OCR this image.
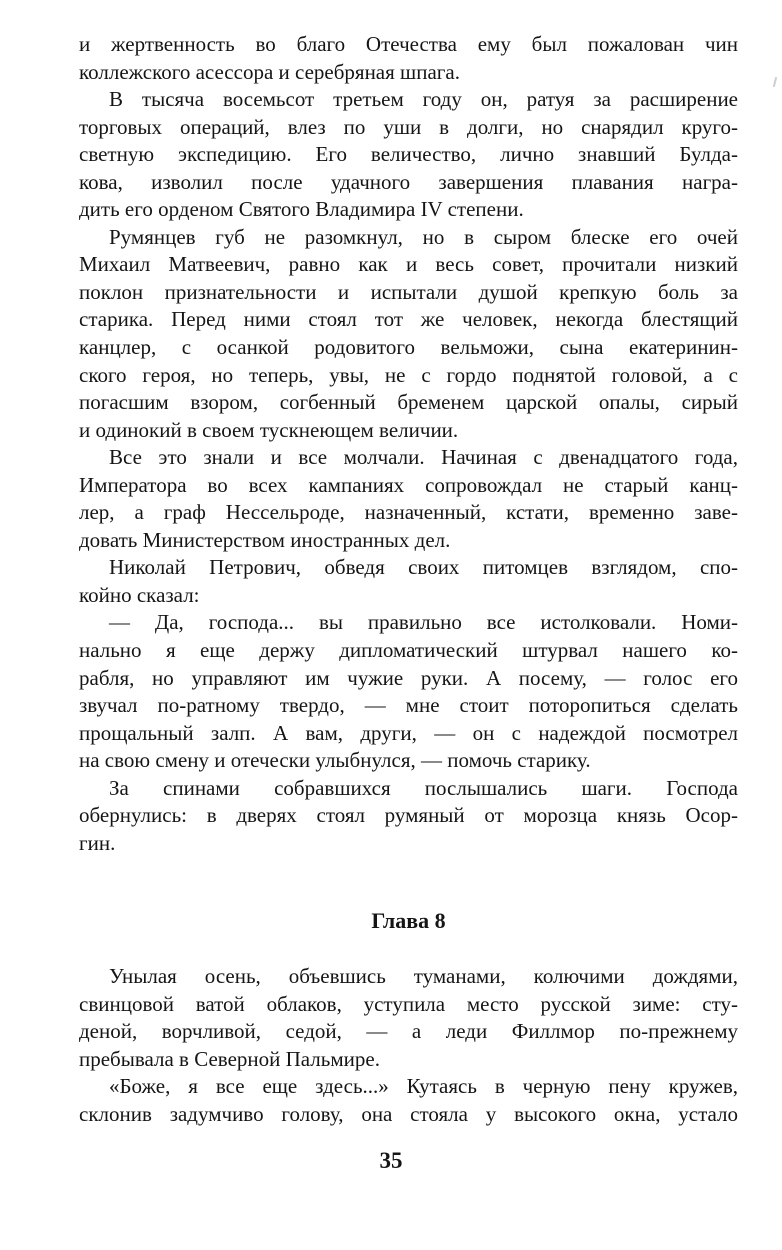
и жертвенность во благо Отечества ему был пожалован чин
коллежского асессора и серебряная шпага.
В тысяча восемьсот третьем году он, ратуя за расширение
торговых операций, влез по уши в долги, но снарядил круго-
светную экспедицию. Его величество, лично знавший Булда-
кова, изволил после удачного завершения плавания награ-
дить его орденом Святого Владимира IV степени.
Румянцев губ не разомкнул, но в сыром блеске его очей
Михаил Матвеевич, равно как и весь совет, прочитали низкий
поклон признательности и испытали душой крепкую боль за
старика. Перед ними стоял тот же человек, некогда блестящий
канцлер, с осанкой родовитого вельможи, сына екатеринин-
ского героя, но теперь, увы, не с гордо поднятой головой, а с
погасшим взором, согбенный бременем царской опалы, сирый
и одинокий в своем тускнеющем величии.
Все это знали и все молчали. Начиная с двенадцатого года,
Императора во всех кампаниях сопровождал не старый канц-
лер, а граф Нессельроде, назначенный, кстати, временно заве-
довать Министерством иностранных дел.
Николай Петрович, обведя своих питомцев взглядом, спо-
койно сказал:
— Да, господа... вы правильно все истолковали. Номи-
нально я еще держу дипломатический штурвал нашего ко-
рабля, но управляют им чужие руки. А посему, — голос его
звучал по-ратному твердо, — мне стоит поторопиться сделать
прощальный залп. А вам, други, — он с надеждой посмотрел
на свою смену и отечески улыбнулся, — помочь старику.
За спинами собравшихся послышались шаги. Господа
обернулись: в дверях стоял румяный от морозца князь Осор-
гин.
Глава 8
Унылая осень, объевшись туманами, колючими дождями,
свинцовой ватой облаков, уступила место русской зиме: сту-
деной, ворчливой, седой, — а леди Филлмор по-прежнему
пребывала в Северной Пальмире.
«Боже, я все еще здесь...» Кутаясь в черную пену кружев,
склонив задумчиво голову, она стояла у высокого окна, устало
35
